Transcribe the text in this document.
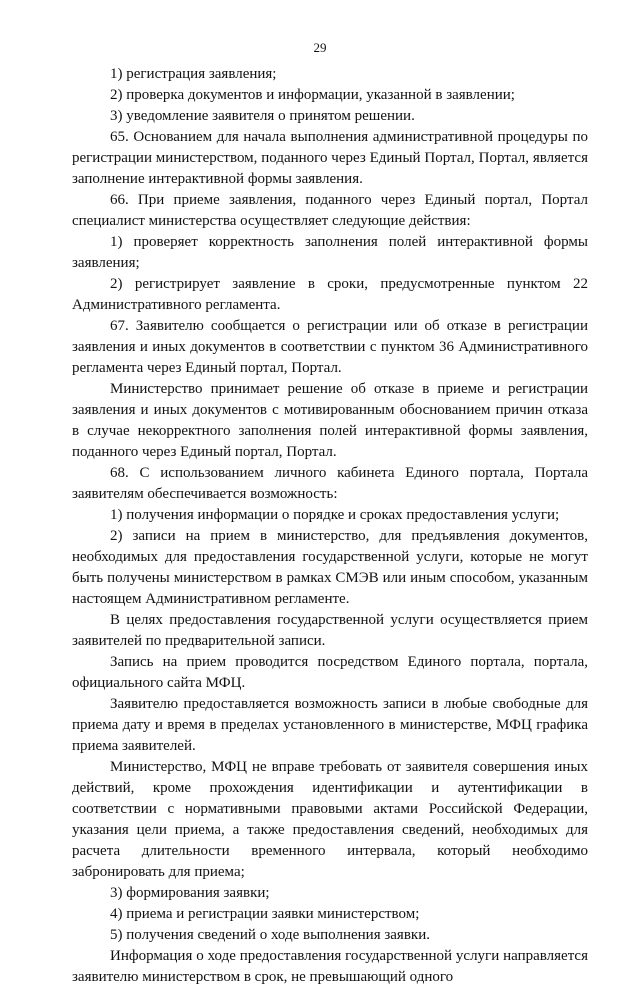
29

1) регистрация заявления;

2) проверка документов и информации, указанной в заявлении;

3) уведомление заявителя о принятом решении.

65. Основанием для начала выполнения административной процедуры по регистрации министерством, поданного через Единый Портал, Портал, является заполнение интерактивной формы заявления.

66. При приеме заявления, поданного через Единый портал, Портал специалист министерства осуществляет следующие действия:

1) проверяет корректность заполнения полей интерактивной формы заявления;

2) регистрирует заявление в сроки, предусмотренные пунктом 22 Административного регламента.

67. Заявителю сообщается о регистрации или об отказе в регистрации заявления и иных документов в соответствии с пунктом 36 Административного регламента через Единый портал, Портал.

Министерство принимает решение об отказе в приеме и регистрации заявления и иных документов с мотивированным обоснованием причин отказа в случае некорректного заполнения полей интерактивной формы заявления, поданного через Единый портал, Портал.

68. С использованием личного кабинета Единого портала, Портала заявителям обеспечивается возможность:

1) получения информации о порядке и сроках предоставления услуги;

2) записи на прием в министерство, для предъявления документов, необходимых для предоставления государственной услуги, которые не могут быть получены министерством в рамках СМЭВ или иным способом, указанным настоящем Административном регламенте.

В целях предоставления государственной услуги осуществляется прием заявителей по предварительной записи.

Запись на прием проводится посредством Единого портала, портала, официального сайта МФЦ.

Заявителю предоставляется возможность записи в любые свободные для приема дату и время в пределах установленного в министерстве, МФЦ графика приема заявителей.

Министерство, МФЦ не вправе требовать от заявителя совершения иных действий, кроме прохождения идентификации и аутентификации в соответствии с нормативными правовыми актами Российской Федерации, указания цели приема, а также предоставления сведений, необходимых для расчета длительности временного интервала, который необходимо забронировать для приема;

3) формирования заявки;

4) приема и регистрации заявки министерством;

5) получения сведений о ходе выполнения заявки.

Информация о ходе предоставления государственной услуги направляется заявителю министерством в срок, не превышающий одного
